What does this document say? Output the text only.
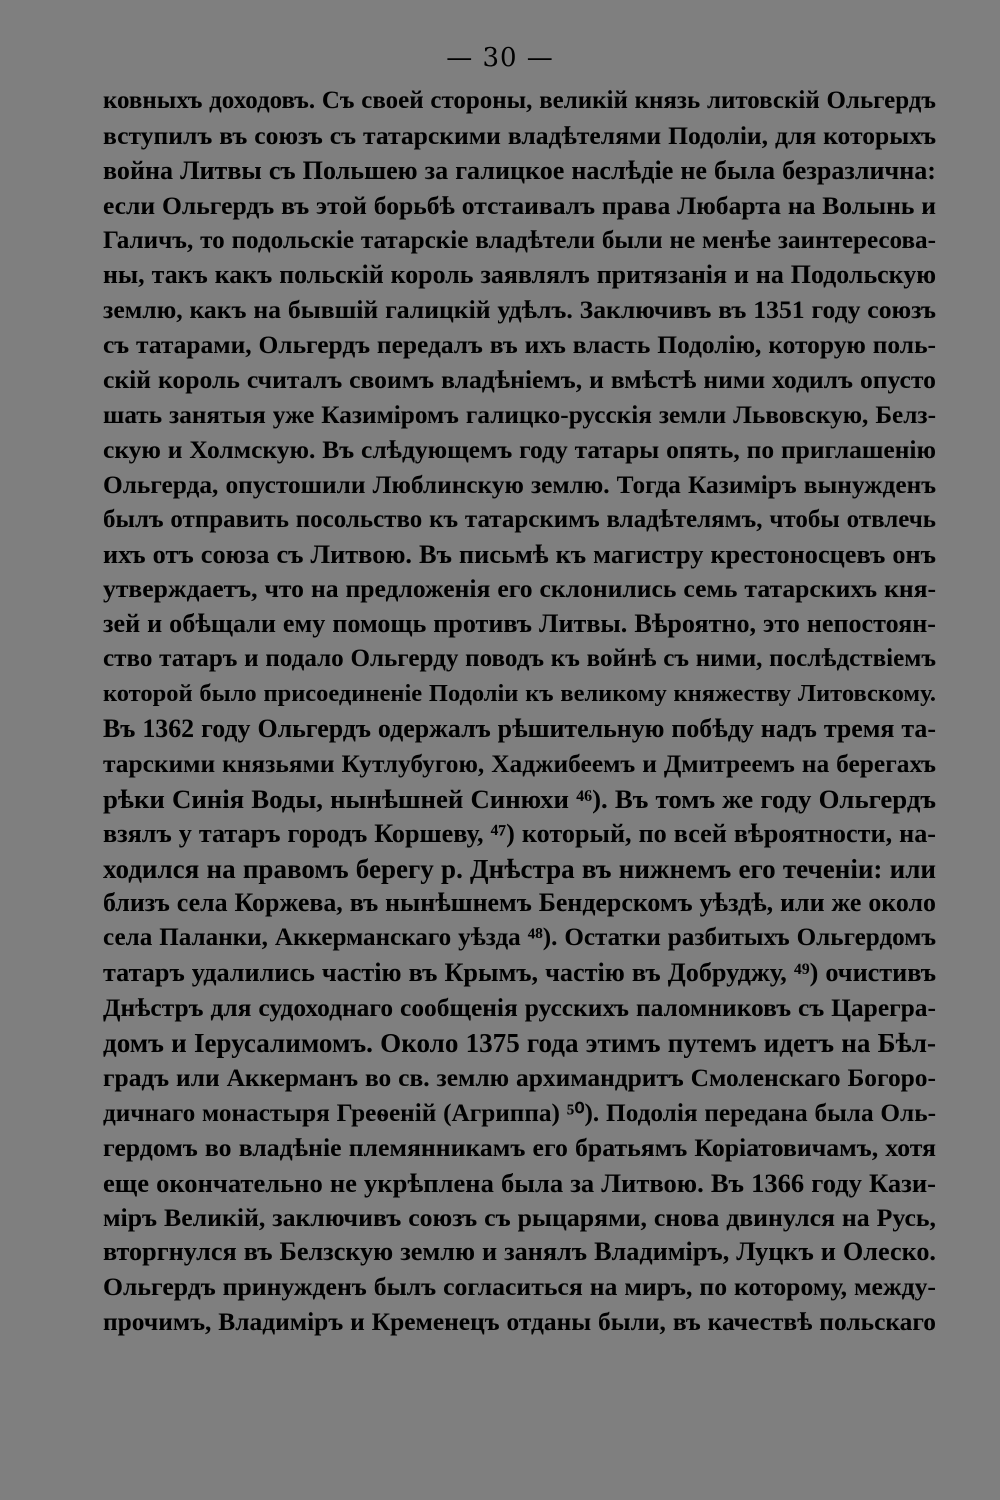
— 30 —
ковныхъ доходовъ. Съ своей стороны, великій князь литовскій Ольгердъ
вступилъ въ союзъ съ татарскими владѣтелями Подоліи, для которыхъ
война Литвы съ Польшею за галицкое наслѣдіе не была безразлична:
если Ольгердъ въ этой борьбѣ отстаивалъ права Любарта на Волынь и
Галичъ, то подольскіе татарскіе владѣтели были не менѣе заинтересова-
ны, такъ какъ польскій король заявлялъ притязанія и на Подольскую
землю, какъ на бывшій галицкій удѣлъ. Заключивъ въ 1351 году союзъ
съ татарами, Ольгердъ передалъ въ ихъ власть Подолію, которую поль-
скій король считалъ своимъ владѣніемъ, и вмѣстѣ ними ходилъ опусто
шать занятыя уже Казиміромъ галицко-русскія земли Львовскую, Белз-
скую и Холмскую. Въ слѣдующемъ году татары опять, по приглашенію
Ольгерда, опустошили Люблинскую землю. Тогда Казиміръ вынужденъ
былъ отправить посольство къ татарскимъ владѣтелямъ, чтобы отвлечь
ихъ отъ союза съ Литвою. Въ письмѣ къ магистру крестоносцевъ онъ
утверждаетъ, что на предложенія его склонились семь татарскихъ кня-
зей и обѣщали ему помощь противъ Литвы. Вѣроятно, это непостоян-
ство татаръ и подало Ольгерду поводъ къ войнѣ съ ними, послѣдствіемъ
которой было присоединеніе Подоліи къ великому княжеству Литовскому.
Въ 1362 году Ольгердъ одержалъ рѣшительную побѣду надъ тремя та-
тарскими князьями Кутлубугою, Хаджибеемъ и Дмитреемъ на берегахъ
рѣки Синія Воды, нынѣшней Синюхи ⁴⁶). Въ томъ же году Ольгердъ
взялъ у татаръ городъ Коршеву, ⁴⁷) который, по всей вѣроятности, на-
ходился на правомъ берегу р. Днѣстра въ нижнемъ его теченіи: или
близъ села Коржева, въ нынѣшнемъ Бендерскомъ уѣздѣ, или же около
села Паланки, Аккерманскаго уѣзда ⁴⁸). Остатки разбитыхъ Ольгердомъ
татаръ удалились частію въ Крымъ, частію въ Добруджу, ⁴⁹) очистивъ
Днѣстръ для судоходнаго сообщенія русскихъ паломниковъ съ Царегра-
домъ и Іерусалимомъ. Около 1375 года этимъ путемъ идетъ на Бѣл-
градъ или Аккерманъ во св. землю архимандритъ Смоленскаго Богоро-
дичнаго монастыря Греѳеній (Агриппа) ⁵⁰). Подолія передана была Оль-
гердомъ во владѣніе племянникамъ его братьямъ Коріатовичамъ, хотя
еще окончательно не укрѣплена была за Литвою. Въ 1366 году Кази-
міръ Великій, заключивъ союзъ съ рыцарями, снова двинулся на Русь,
вторгнулся въ Белзскую землю и занялъ Владиміръ, Луцкъ и Олеско.
Ольгердъ принужденъ былъ согласиться на миръ, по которому, между-
прочимъ, Владиміръ и Кременецъ отданы были, въ качествѣ польскаго
